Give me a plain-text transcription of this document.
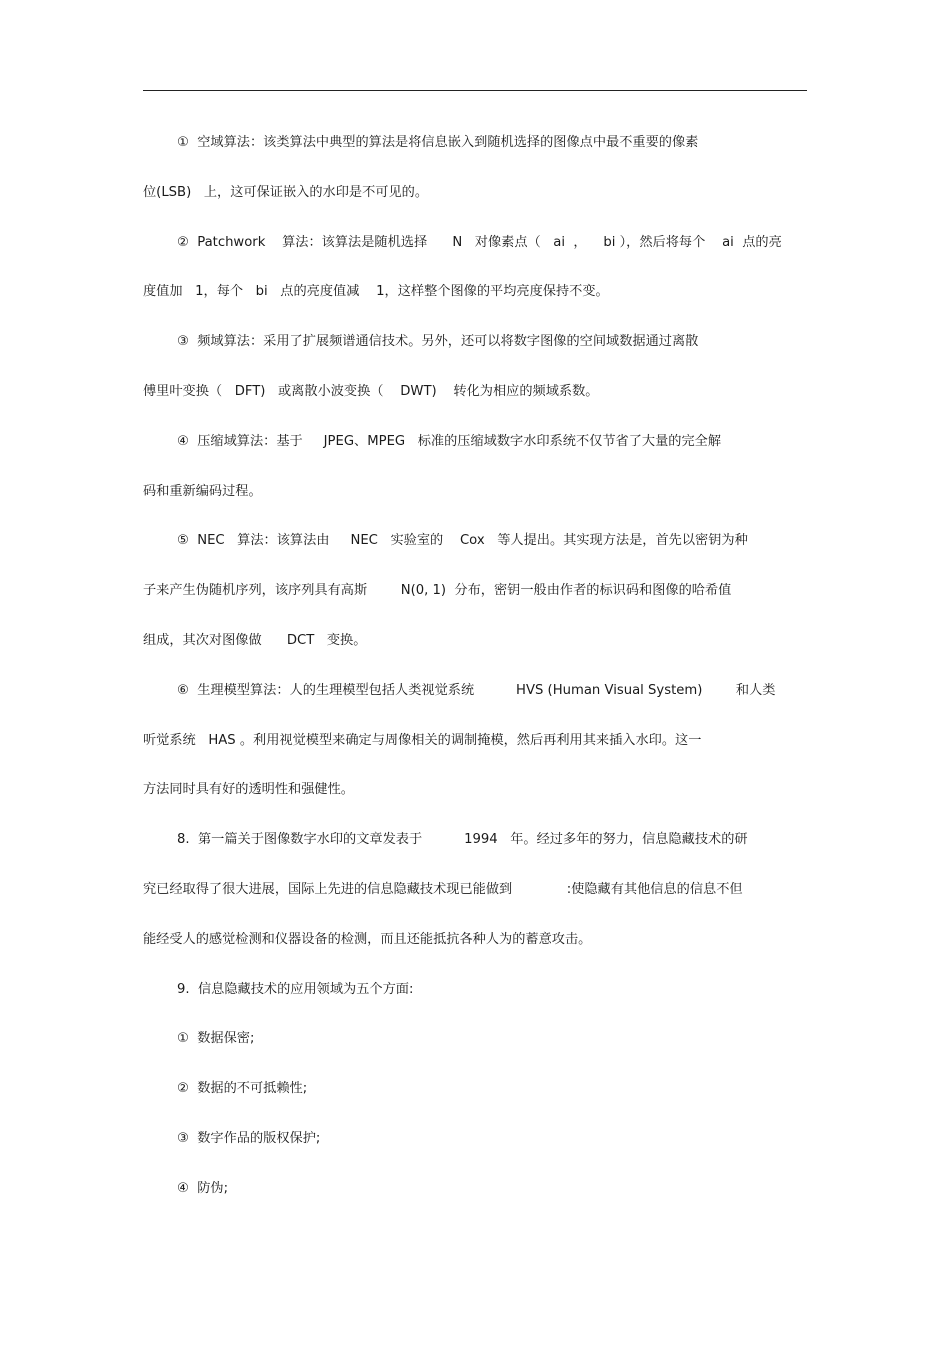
①  空域算法：该类算法中典型的算法是将信息嵌入到随机选择的图像点中最不重要的像素
位(LSB)   上，这可保证嵌入的水印是不可见的。
②  Patchwork    算法：该算法是随机选择      N   对像素点（   ai  ，    bi ），然后将每个    ai  点的亮
度值加   1，每个   bi   点的亮度值减    1，这样整个图像的平均亮度保持不变。
③  频域算法：采用了扩展频谱通信技术。另外，还可以将数字图像的空间域数据通过离散
傅里叶变换（   DFT)   或离散小波变换（    DWT)    转化为相应的频域系数。
④  压缩域算法：基于     JPEG、MPEG   标准的压缩域数字水印系统不仅节省了大量的完全解
码和重新编码过程。
⑤  NEC   算法：该算法由     NEC   实验室的    Cox   等人提出。其实现方法是，首先以密钥为种
子来产生伪随机序列，该序列具有高斯        N(0, 1)  分布，密钥一般由作者的标识码和图像的哈希值
组成，其次对图像做      DCT   变换。
⑥  生理模型算法：人的生理模型包括人类视觉系统          HVS (Human Visual System)        和人类
听觉系统   HAS 。利用视觉模型来确定与周像相关的调制掩模，然后再利用其来插入水印。这一
方法同时具有好的透明性和强健性。
8.  第一篇关于图像数字水印的文章发表于          1994   年。经过多年的努力，信息隐藏技术的研
究已经取得了很大进展，国际上先进的信息隐藏技术现已能做到             :使隐藏有其他信息的信息不但
能经受人的感觉检测和仪器设备的检测，而且还能抵抗各种人为的蓄意攻击。
9.  信息隐藏技术的应用领域为五个方面:
①  数据保密;
②  数据的不可抵赖性;
③  数字作品的版权保护;
④  防伪;
